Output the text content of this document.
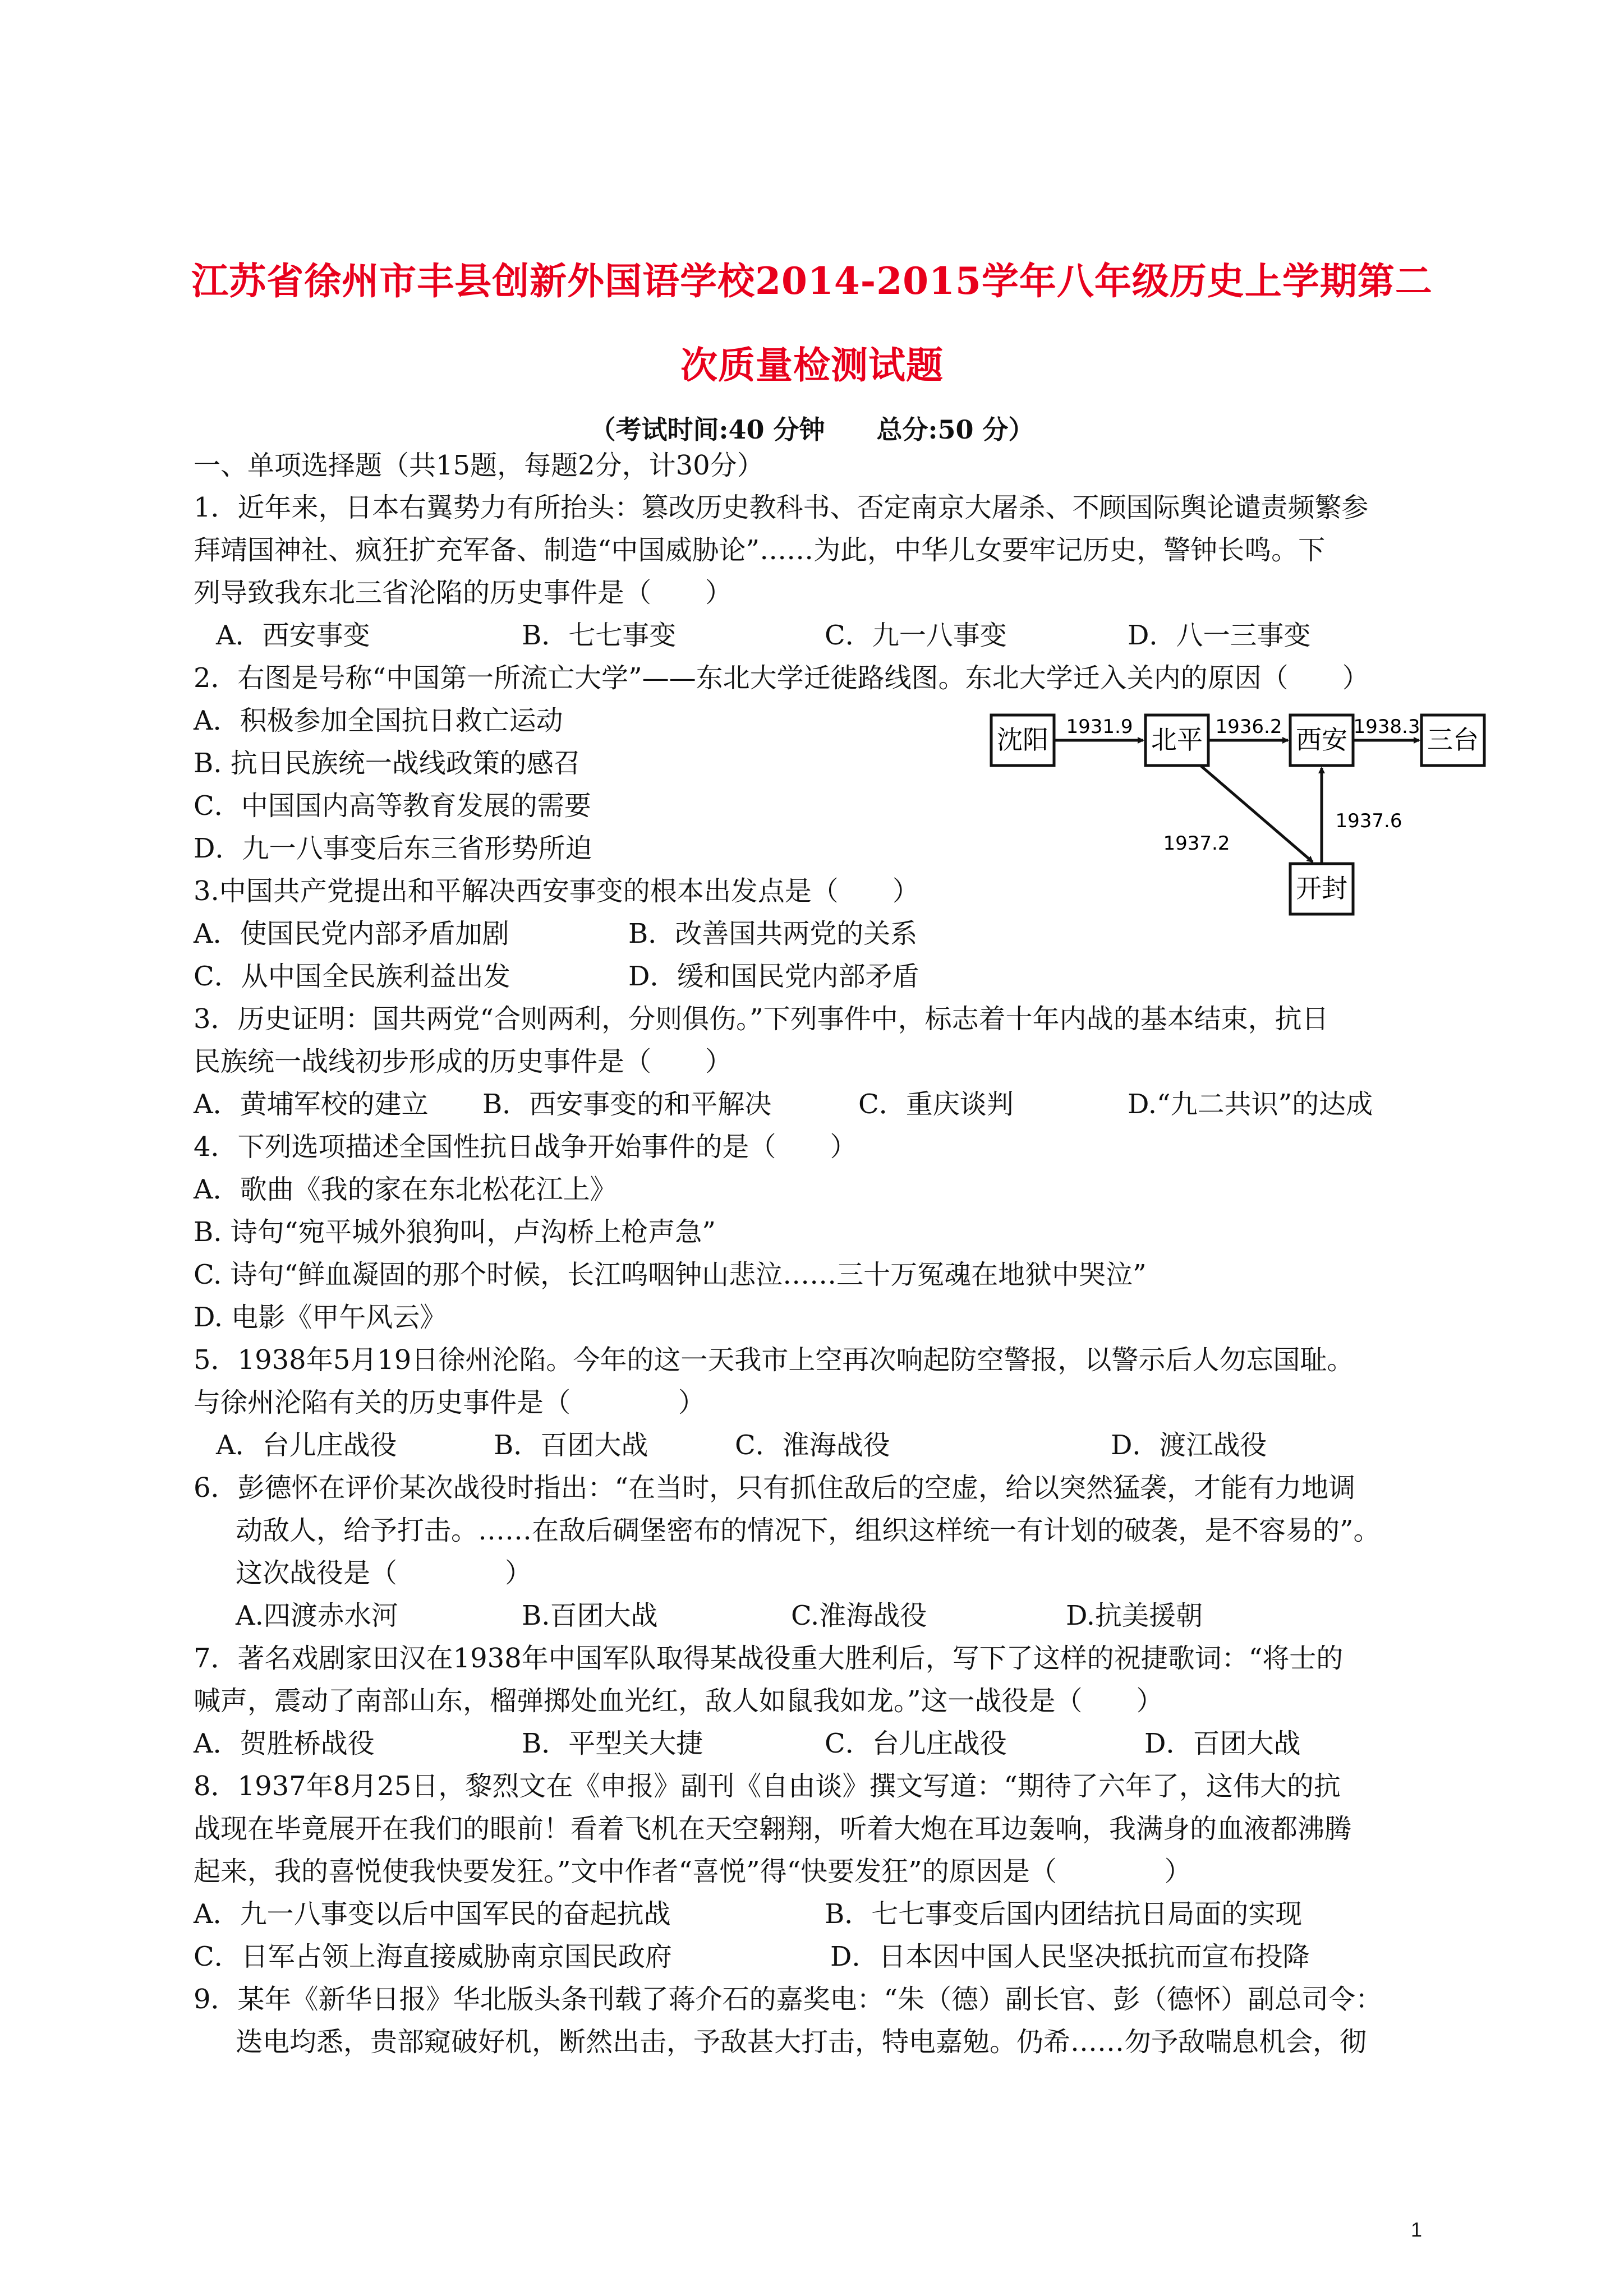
江苏省徐州市丰县创新外国语学校2014-2015学年八年级历史上学期第二
次质量检测试题
（考试时间:40 分钟　　总分:50 分）
一、单项选择题（共15题，每题2分，计30分）
1．近年来，日本右翼势力有所抬头：篡改历史教科书、否定南京大屠杀、不顾国际舆论谴责频繁参
拜靖国神社、疯狂扩充军备、制造“中国威胁论”……为此，中华儿女要牢记历史，警钟长鸣。下
列导致我东北三省沦陷的历史事件是（　　）
A．西安事变	B．七七事变	C．九一八事变	D．八一三事变
2．右图是号称“中国第一所流亡大学”——东北大学迁徙路线图。东北大学迁入关内的原因（　　）
A．积极参加全国抗日救亡运动
B. 抗日民族统一战线政策的感召
C．中国国内高等教育发展的需要
D．九一八事变后东三省形势所迫
沈阳	北平	西安	三台
开封
1931.9	1936.2	1938.3
1937.2
1937.6
3.中国共产党提出和平解决西安事变的根本出发点是（　　）
A．使国民党内部矛盾加剧	B．改善国共两党的关系
C．从中国全民族利益出发	D．缓和国民党内部矛盾
3．历史证明：国共两党“合则两利，分则俱伤。”下列事件中，标志着十年内战的基本结束，抗日
民族统一战线初步形成的历史事件是（　　）
A．黄埔军校的建立 B．西安事变的和平解决	C．重庆谈判	D.“九二共识”的达成
4．下列选项描述全国性抗日战争开始事件的是（　　）
A．歌曲《我的家在东北松花江上》
B. 诗句“宛平城外狼狗叫，卢沟桥上枪声急”
C. 诗句“鲜血凝固的那个时候，长江呜咽钟山悲泣……三十万冤魂在地狱中哭泣”
D. 电影《甲午风云》
5．1938年5月19日徐州沦陷。今年的这一天我市上空再次响起防空警报，以警示后人勿忘国耻。
与徐州沦陷有关的历史事件是（　　　　）
A．台儿庄战役	B．百团大战	C．淮海战役	D．渡江战役
6．彭德怀在评价某次战役时指出：“在当时，只有抓住敌后的空虚，给以突然猛袭，才能有力地调
动敌人，给予打击。……在敌后碉堡密布的情况下，组织这样统一有计划的破袭，是不容易的”。
这次战役是（　　　　）
A.四渡赤水河	B.百团大战	C.淮海战役	D.抗美援朝
7．著名戏剧家田汉在1938年中国军队取得某战役重大胜利后，写下了这样的祝捷歌词：“将士的
喊声，震动了南部山东，榴弹掷处血光红，敌人如鼠我如龙。”这一战役是（　　）
A．贺胜桥战役	B．平型关大捷	C．台儿庄战役	D．百团大战
8．1937年8月25日，黎烈文在《申报》副刊《自由谈》撰文写道：“期待了六年了，这伟大的抗
战现在毕竟展开在我们的眼前！看着飞机在天空翱翔，听着大炮在耳边轰响，我满身的血液都沸腾
起来，我的喜悦使我快要发狂。”文中作者“喜悦”得“快要发狂”的原因是（　　　　）
A．九一八事变以后中国军民的奋起抗战	B．七七事变后国内团结抗日局面的实现
C．日军占领上海直接威胁南京国民政府	D．日本因中国人民坚决抵抗而宣布投降
9．某年《新华日报》华北版头条刊载了蒋介石的嘉奖电：“朱（德）副长官、彭（德怀）副总司令：
迭电均悉，贵部窥破好机，断然出击，予敌甚大打击，特电嘉勉。仍希……勿予敌喘息机会，彻
1
